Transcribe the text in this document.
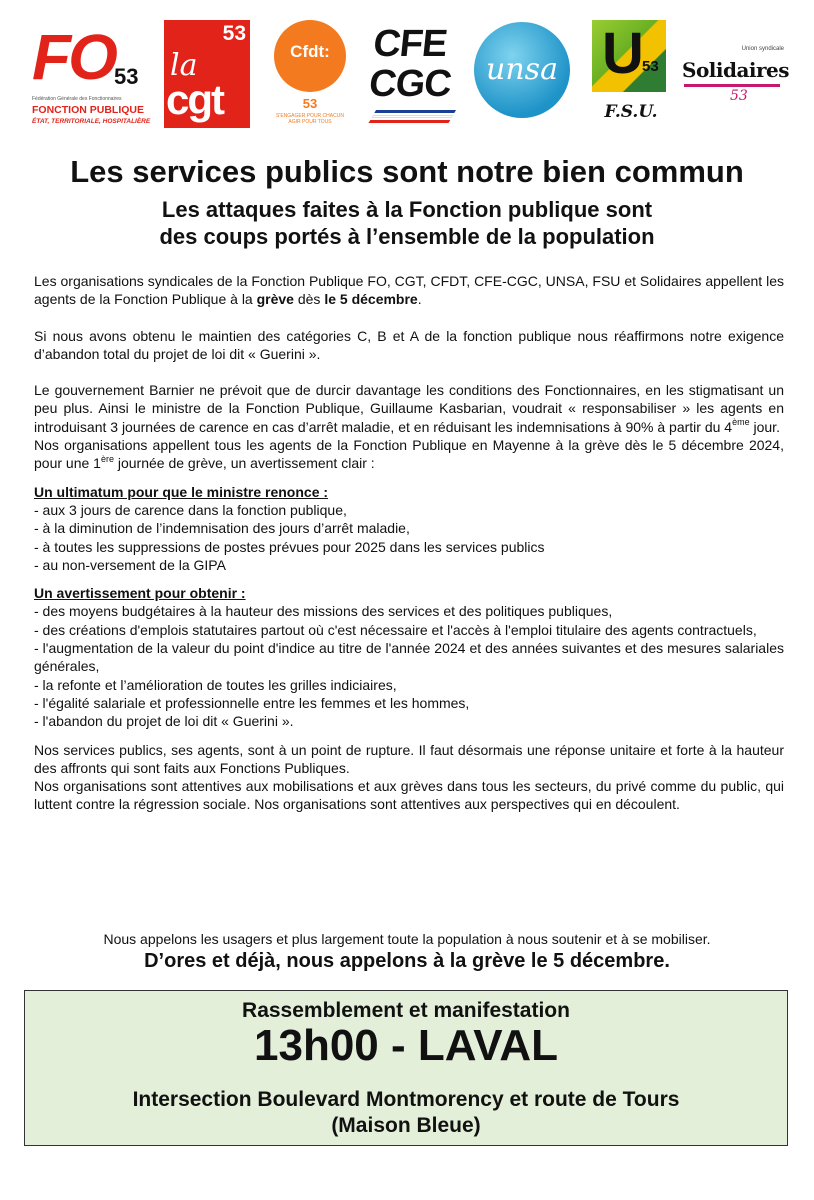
FO 53
Fédération Générale des Fonctionnaires
FONCTION PUBLIQUE
ÉTAT, TERRITORIALE, HOSPITALIÈRE
53
la
cgt
Cfdt:
53
S'ENGAGER POUR CHACUN AGIR POUR TOUS
CFE
CGC	unsa U
53
F.S.U.
Union syndicale
Solidaires
53
Les services publics sont notre bien commun
Les attaques faites à la Fonction publique sont des coups portés à l’ensemble de la population

Les organisations syndicales de la Fonction Publique FO, CGT, CFDT, CFE-CGC, UNSA, FSU et Solidaires appellent les agents de la Fonction Publique à la grève dès le 5 décembre.

Si nous avons obtenu le maintien des catégories C, B et A de la fonction publique nous réaffirmons notre exigence d’abandon total du projet de loi dit « Guerini ».

Le gouvernement Barnier ne prévoit que de durcir davantage les conditions des Fonctionnaires, en les stigmatisant un peu plus. Ainsi le ministre de la Fonction Publique, Guillaume Kasbarian, voudrait « responsabiliser » les agents en introduisant 3 journées de carence en cas d’arrêt maladie, et en réduisant les indemnisations à 90% à partir du 4ème jour.

Nos organisations appellent tous les agents de la Fonction Publique en Mayenne à la grève dès le 5 décembre 2024, pour une 1ère journée de grève, un avertissement clair :

Un ultimatum pour que le ministre renonce :
- aux 3 jours de carence dans la fonction publique,
- à la diminution de l’indemnisation des jours d’arrêt maladie,
- à toutes les suppressions de postes prévues pour 2025 dans les services publics
- au non-versement de la GIPA
Un avertissement pour obtenir :
- des moyens budgétaires à la hauteur des missions des services et des politiques publiques,
- des créations d'emplois statutaires partout où c'est nécessaire et l'accès à l'emploi titulaire des agents contractuels,
- l'augmentation de la valeur du point d'indice au titre de l'année 2024 et des années suivantes et des mesures salariales générales,
- la refonte et l’amélioration de toutes les grilles indiciaires,
- l'égalité salariale et professionnelle entre les femmes et les hommes,
- l'abandon du projet de loi dit « Guerini ».

Nos services publics, ses agents, sont à un point de rupture. Il faut désormais une réponse unitaire et forte à la hauteur des affronts qui sont faits aux Fonctions Publiques.

Nos organisations sont attentives aux mobilisations et aux grèves dans tous les secteurs, du privé comme du public, qui luttent contre la régression sociale. Nos organisations sont attentives aux perspectives qui en découlent.

Nous appelons les usagers et plus largement toute la population à nous soutenir et à se mobiliser.
D’ores et déjà, nous appelons à la grève le 5 décembre.
Rassemblement et manifestation
13h00 - LAVAL
Intersection Boulevard Montmorency et route de Tours
(Maison Bleue)
